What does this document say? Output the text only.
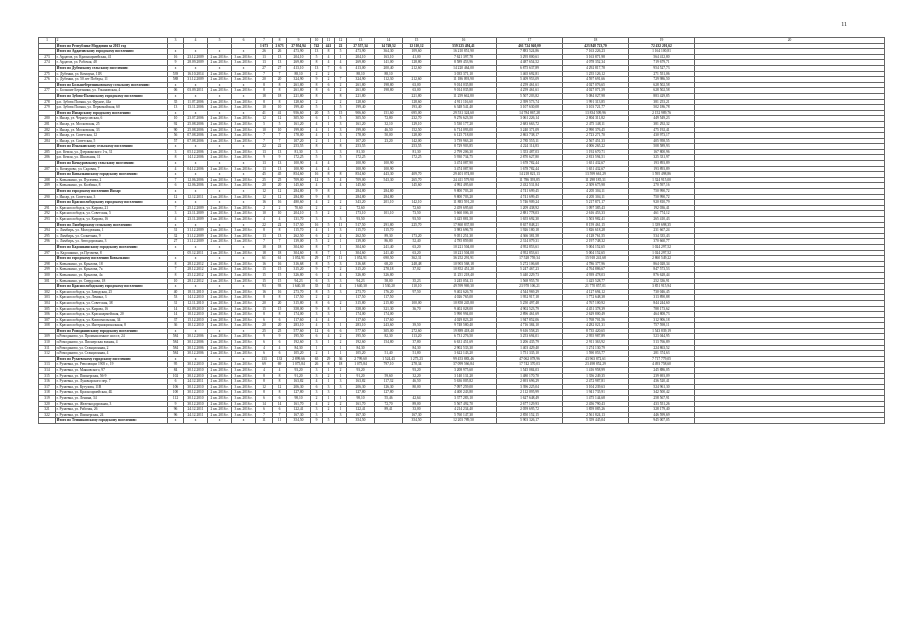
11
1	2	3	4	5	6	7	8	9	10	11	12	13	14	15	16	17	18	19	20
	Итого по Республике Мордовия за 2015 год					1 673	2 673	27 954,94	742	441	22	27 557,34	14 749,52	12 110,12	559 225 494,41	461 724 040,00	423 848 723,70	72 432 201,62	
	Итого по Ардатовскому городскому поселению:	x	x	x	x	26	26	473,90	13	8	5	473,90	364,30	109,60	16 210 851,90	7 883 524,86	7 163 226,23	1 164 100,81	
273	г. Ардатов, ул. Красноармейская, 41	16	23.12.2009	2 кв. 2016 г.	3 кв. 2016 г.	13	13	204,10	5	4	1	204,10	163,10	41,00	7 621 397,78	3 295 800,61	3 163 871,98	564 412,80	
274	г. Ардатов, ул. Рабочая, 48	9	28.09.2009	2 кв. 2016 г.	3 кв. 2016 г.	13	13	269,80	8	4	4	269,80	141,00	128,80	8 589 453,96	4 487 654,52	4 078 352,34	719 679,71	
	Итого по Дубенскому сельскому поселению:	x	x	x	x	27	27	413,10	13	7	6	413,00	200,40	212,60	14 220 464,00	6 875 637,89	4 292 817,78	954 527,73	
275	с. Дубенки, ул. Коммуна, 11В	539	16.10.2014	2 кв. 2016 г.	3 кв. 2016 г.	7	7	88,10	2	2		88,10	88,10		3 035 371,10	1 465 692,81	1 255 126,12	271 551,06	
276	с. Дубенки, ул. 50 лет Победы, 11	588	31.12.2009	2 кв. 2016 г.	3 кв. 2016 г.	20	20	324,90	9	2	7	324,90	112,30	212,60	11 186 093,90	5 409 953,09	4 597 691,66	729 986,50	
	Итого по Большеберезниковскому сельскому поселению:	x	x	x	x	8	8	261,80	8	6	2	261,80	198,80	63,00	9 014 035,80	4 259 461,61	4 027 076,65	628 502,58	
277	с. Большие Березники, ул. Ульяновская, 4	06	03.09.2011	2 кв. 2016 г.	3 кв. 2016 г.	8	8	261,80	8	6	2	261,80	198,80	63,00	9 014 035,80	4 259 461,61	4 027 071,59	628 502,58	
	Итого по Зубово-Полянскому городскому поселению:	x	x	x	x	18	18	221,80	8		8	221,80		221,80	11 259 662,80	5 507 203,82	5 084 027,98	883 429,85	
278	р.п. Зубова Поляна, ул. Фрунзе, 44а	35	11.07.2006	2 кв. 2016 г.	3 кв. 2016 г.	8	8	128,60	2		2	128,60		128,60	4 911 116,60	2 399 573,74	1 991 313,85	381 253,21	
279	р.п. Зубова Поляна, ул. Первомайская, 60	13	13.11.2006	2 кв. 2016 г.	3 кв. 2016 г.	10	10	199,40	5		5	199,40		193,40	6 348 541,40	3 107 630,08	3 103 721,77	502 186,78	
	Итого по Инсарскому городскому поселению:	x	x	x	x	41	41	956,60	20	5	15	906,60	151,60	695,00	29 531 324,60	14 784 867,28	13 834 509,96	2 152 989,76	
280	г. Инсар, ул. Черноусовская, 6	10	23.07.2006	2 кв. 2016 г.	3 кв. 2016 г.	12	12	305,50	6	1	5	305,50	72,80	232,70	9 276 623,50	3 061 226,14	2 804 311,82	449 549,23	
281	г. Инсар, ул. Московская, 25	92	25.08.2006	2 кв. 2016 г.	3 кв. 2016 г.	5	5	161,20	4	1	3	161,20	32,10	129,10	5 530 177,20	2 683 663,72	2 475 148,11	381 292,32	
282	г. Инсар, ул. Московская, 33	90	25.08.2006	2 кв. 2016 г.	3 кв. 2016 г.	10	10	199,00	4	1	3	199,00	46,50	152,50	6 714 093,00	3 240 371,09	2 990 376,45	475 192,41	
283	г. Инсар, ул. Советская, 12	56	07.08.2006	2 кв. 2016 г.	3 кв. 2016 г.	7	7	178,00	4	1	3	178,00	50,00	128,00	6 125 718,00	2 863 738,17	2 723 271,70	430 973,17	
284	г. Инсар, ул. Советская, 5	57	07.08.2006	2 кв. 2016 г.	3 кв. 2016 г.	7	7	107,20	2	1	1	107,20	23,20	142,00	3 739 963,20	2 785 555,11	2 567 451,33	405 958,55	
	Итого по Ичалковскому сельскому поселению:	x	x	x	x	22	22	253,55	8		8	253,55		253,55	8 729 903,85	4 224 114,83	4 006 265,22	508 589,93	
285	р.п. Кемля, ул. Дзержинского 1-я, 31	3	05.12.2006	2 кв. 2016 г.	3 кв. 2016 г.	13	13	81,30	3		3	81,30		81,30	2 799 206,30	1 353 487,03	1 192 670,71	167 800,96	
286	р.п. Кемля, ул. Школьная, 11	8	14.12.2006	2 кв. 2016 г.	3 кв. 2016 г.	9	9	172,25	5		5	172,25		172,25	5 930 734,75	2 870 627,80	2 813 594,51	325 331,97	
	Итого по Кочкуровскому сельскому поселению:	x	x	x	x	13	13	100,90	4	4		100,90	100,90		3 474 087,90	1 678 782,44	1 651 432,67	193 893,89	
287	с. Кочкурово, ул. Садовая, 7	4	04.12.2006	2 кв. 2016 г.	3 кв. 2016 г.	13	13	100,90	4	4		100,90	100,90		3 474 087,90	1 678 782,44	1 651 432,67	193 893,89	
	Итого по Ковылкинскому городскому поселению:	x	x	x	x	45	45	854,60	16	8	8	854,60	443,30	409,70	29 401 074,80	14 218 821,13	13 599 661,29	1 595 498,86	
288	г. Ковылкино, ул. Пугачева, 2	7	12.06.2006	2 кв. 2016 г.	3 кв. 2016 г.	25	25	709,00	12	5	4	709,00	543,30	265,70	24 411 579,90	11 786 393,85	11 298 185,31	1 324 915,00	
289	г. Ковылкино, ул. Колбина, 8	6	12.06.2006	2 кв. 2016 г.	3 кв. 2016 г.	20	20	145,60	4		4	145,60		145,60	4 992 495,60	2 432 531,84	2 309 675,98	270 597,16	
	Итого по городскому поселению Инсар:	x	x	x	x	12	12	284,80	9	8		284,80	284,80		9 800 703,20	4 741 699,45	4 205 304,11	750 990,72	
290	г. Инсар, ул. Советская, 3	12	12.12.2011	2 кв. 2016 г.	3 кв. 2016 г.	12	12	284,80	9	8		284,80	284,80		9 800 703,20	4 741 699,45	4 205 304,11	750 990,72	
	Итого по Краснослободскому городскому поселению:	x	x	x	x	16	16	480,60	4	2	2	343,20	201,10	142,10	11 883 591,20	5 746 909,24	5 217 871,17	920 810,79	
291	г. Краснослободск, ул. Кирова, 21	7	25.12.2009	2 кв. 2016 г.	3 кв. 2016 г.	2	2	70,60	2		2	72,60		72,60	2 459 695,60	1 209 438,92	1 097 385,43	192 036,41	
292	г. Краснослободск, ул. Советская, 5	3	23.11.2009	2 кв. 2016 г.	3 кв. 2016 г.	10	10	204,10	5	2		173,10	101,10	73,50	5 660 006,10	2 881 778,03	2 616 453,33	461 774,12	
293	г. Краснослободск, ул. Кирова, 16	4	23.11.2009	2 кв. 2016 г.	3 кв. 2016 г.	4	4	131,70	3		3	93,50		93,50	3 425 881,50	1 655 692,30	1 503 982,41	265 410,43	
	Итого по Лямбирскому сельскому поселению:	x	x	x	x	22	22	517,50	16	5	11	517,50	291,80	225,70	17 860 837,80	8 657 848,21	8 159 461,15	1 339 698,35	
294	с. Лямбирь, ул. Молодежная, 1	31	31.12.2009	2 кв. 2016 г.	3 кв. 2016 г.	8	8	115,70	4	1	3	115,70	115,70		3 983 696,70	1 926 180,18	1 826 618,28	231 667,24	
295	с. Лямбирь, ул. Солнечная, 9	32	31.12.2009	2 кв. 2016 г.	3 кв. 2016 г.	13	13	262,50	6	2	4	262,50	89,30	173,20	9 051 251,30	4 366 381,58	4 128 761,55	534 335,43	
296	с. Лямбирь, ул. Автодорожная, 3	27	31.12.2009	2 кв. 2016 г.	3 кв. 2016 г.	7	7	139,00	5	2	1	139,00	86,80	52,40	4 785 859,80	2 314 079,31	2 197 748,32	370 660,77	
	Итого по Кадошкинскому городскому поселению:	x	x	x	x	18	18	304,60	8	7	1	304,60	241,40	63,20	10 221 504,00	4 952 853,61	5 004 152,65	1 024 297,52	
297	п. Кадошкино, ул.Пугачева, 8		05.12.2011	2 кв. 2016 г.	3 кв. 2016 г.	18	18	304,60	8	7	1	304,60	241,40	63,20	10 221 504,00	4 952 853,61	5 004 152,65	1 024 297,52	
	Итого по городскому поселению Ковылкино:	x	x	x	x	61	61	1 052,91	29	17	11	1 052,91	690,50	362,31	36 252 291,91	17 528 759,34	15 918 241,68	2 860 549,22	
298	г. Ковылкино, ул. Крылова, 18	8	28.12.2012	2 кв. 2016 г.	3 кв. 2016 г.	16	16	316,68	8	5	3	316,68	68,20	248,48	10 903 568,18	5 272 106,68	4 786 377,96	864 028,34	
299	г. Ковылкино, ул. Крылова, 7а	7	28.12.2012	2 кв. 2016 г.	3 кв. 2016 г.	15	15	315,20	9	7	2	315,20	278,18	37,02	10 852 451,20	5 247 467,23	4 764 886,67	847 573,53	
300	г. Ковылкино, ул. Крылова, 4а	8	25.12.2012	2 кв. 2016 г.	3 кв. 2016 г.	15	15	326,80	6	2	4	326,80	326,80		11 251 218,40	5 440 229,73	4 939 478,03	876 628,44	
301	г. Ковылкино, ул. Свердлова, 18	10	28.12.2012	2 кв. 2016 г.	3 кв. 2016 г.	15	15	94,23	6	3	3	94,23	58,00	35,23	3 245 054,13	1 568 955,70	1 425 528,77	252 336,91	
	Итого по Краснослободскому городскому поселению:	x	x	x	x	93	93	1 640,30	35	31	4	1 640,30	1 530,20	110,10	49 599 969,30	23 978 106,21	21 770 857,01	3 851 915,94	
302	г. Краснослободск, ул. Заводская, 25	40	18.11.2010	2 кв. 2016 г.	3 кв. 2016 г.	16	16	273,70	8	5	3	273,70	176,20	97,50	9 402 626,70	4 544 969,29	4 127 694,12	730 046,45	
303	г. Краснослободск, ул. Ленина, 3	53	14.12.2010	2 кв. 2016 г.	3 кв. 2016 г.	8	8	117,50	2	2		117,50	117,50		4 026 765,00	1 952 917,18	1 772 648,38	313 890,88	
304	г. Краснослободск, ул. Советская, 38	31	12.11.2010	2 кв. 2016 г.	3 кв. 2016 г.	20	20	315,80	8	6	2	315,80	215,80	100,00	10 858 245,80	5 250 497,48	4 767 100,92	844 244,60	
305	г. Краснослободск, ул. Кирова, 16	14	02.09.2010	2 кв. 2016 г.	3 кв. 2016 г.	15	15	358,00	9	8	1	358,00	321,30	36,70	9 402 028,00	4 902 523,79	4 451 378,39	788 173,62	
306	г. Краснослободск, ул. Красноармейская, 20	14	10.12.2010	2 кв. 2016 г.	3 кв. 2016 г.	8	8	174,00	3	3		174,00	174,00		5 990 994,00	2 896 461,69	2 629 800,49	464 808,73	
307	г. Краснослободск, ул. Комсомольская, 34	37	15.12.2010	2 кв. 2016 г.	3 кв. 2016 г.	6	6	117,60	4	4		117,60	117,60		4 029 823,20	1 947 852,06	1 768 701,56	312 906,18	
308	г. Краснослободск, ул. Интернациональная, 8	36	10.12.2010	2 кв. 2016 г.	3 кв. 2016 г.	20	20	283,10	4	3	1	283,10	243,60	39,50	9 748 580,40	4 716 384,10	4 282 021,31	757 598,11	
	Итого по Ромодановскому городскому поселению:	x	x	x	x	25	25	577,60	12	6	6	577,60	305,00	272,60	19 889 418,40	9 616 558,25	8 735 420,65	1 543 839,19	
309	п.Ромоданово, ул. Промышленное шоссе, 24	584	30.12.2006	2 кв. 2016 г.	3 кв. 2016 г.	9	9	195,50	6	4	2	195,50	82,30	113,20	6 731 276,50	3 253 694,01	2 955 987,89	523 044,95	
310	п.Ромоданово, ул. Пионерская южная, 4	584	30.12.2006	2 кв. 2016 г.	3 кв. 2016 г.	6	6	192,60	3	1	2	192,60	154,80	37,80	6 631 451,69	3 206 435,79	2 911 363,92	513 766,89	
311	п.Ромоданово, ул. Станционная, 2	584	30.12.2006	2 кв. 2016 г.	3 кв. 2016 г.	4	4	84,30	1		1	84,30		84,30	2 902 533,30	1 403 429,40	1 274 130,79	224 863,52	
312	п.Ромоданово, ул. Станционная, 4	584	30.12.2006	2 кв. 2016 г.	3 кв. 2016 г.	6	6	105,20	2	1	1	105,20	51,40	51,80	3 622 143,20	1 751 335,10	1 590 053,77	281 374,63	
	Итого по Рузаевскому городскому поселению:	x	x	x	x	133	133	2 899,66	65	29	36	2 799,60	1 524,43	1 275,23	99 453 883,46	47 062 078,96	43 963 872,61	7 717 779,05	
313	г. Рузаевка, ул. Революции 1905 г., 19	95	30.12.2010	2 кв. 2016 г.	3 кв. 2016 г.	69	69	1 075,84	26	8	18	1 075,84	797,10	278,34	37 099 566,84	17 742 370,03	23 498 852,29	4 493 758,60	
314	г. Рузаевка, ул. Маяковского, 97	84	30.12.2010	2 кв. 2016 г.	3 кв. 2016 г.	4	4	93,20	3	1	2	93,20		93,20	3 208 975,60	1 545 084,03	1 416 958,99	245 886,05	
315	г. Рузаевка, ул. Пионерская, 56-9	102	30.12.2010	2 кв. 2016 г.	3 кв. 2016 г.	8	8	91,20	3	2	1	91,20	59,60	32,20	3 140 131,20	1 480 170,70	1 356 249,35	239 693,09	
316	г. Рузаевка, ул. Луначарского пер. 7	6	24.12.2011	2 кв. 2016 г.	3 кв. 2016 г.	8	8	163,82	4	1	3	163,82	117,32	46,50	5 636 005,82	2 693 696,29	2 472 987,81	436 520,41	
317	г. Рузаевка, ул. Кутузова, 11В	106	30.12.2010	2 кв. 2016 г.	3 кв. 2016 г.	12	12	206,30	6	3	3	206,30	126,30	80,00	7 097 259,00	3 396 225,04	3 104 239,63	524 961,30	
318	г. Рузаевка, ул. Красноармейская, 4Б	100	30.12.2010	2 кв. 2016 г.	3 кв. 2016 г.	8	8	127,80	3	3		127,80	127,80		4 400 243,80	2 112 095,99	1 941 735,91	342 500,42	
319	г. Рузаевка, ул. Ленина, 34	112	30.12.2010	2 кв. 2016 г.	3 кв. 2016 г.	6	6	98,10	2	1	1	98,10	55,46	42,64	3 377 283,10	1 627 648,49	1 475 144,68	258 567,91	
320	г. Рузаевка, ул. Железнодорожная, 3	9	30.12.2010	2 кв. 2016 г.	3 кв. 2016 г.	14	14	161,70	4	2	2	161,70	72,70	89,00	5 567 492,70	2 677 129,93	2 456 790,43	433 551,26	
321	г. Рузаевка, ул. Рабочая, 26	96	24.12.2011	2 кв. 2016 г.	3 кв. 2016 г.	6	6	122,41	3	2	1	122,41	89,41	33,00	4 214 234,40	2 059 695,72	1 859 085,26	328 179,40	
322	г. Рузаевка, ул. Пионерская, 24	96	24.12.2011	2 кв. 2016 г.	3 кв. 2016 г.	7	7	167,30	3		3	167,30		167,30	5 760 147,30	2 850 152,15	2 561 824,13	446 599,69	
	Итого по Темниковскому городскому поселению:	x	x	x	x	11	11	354,50	9	5		354,50		354,50	12 203 789,50	5 903 326,17	5 359 445,04	945 007,05	
